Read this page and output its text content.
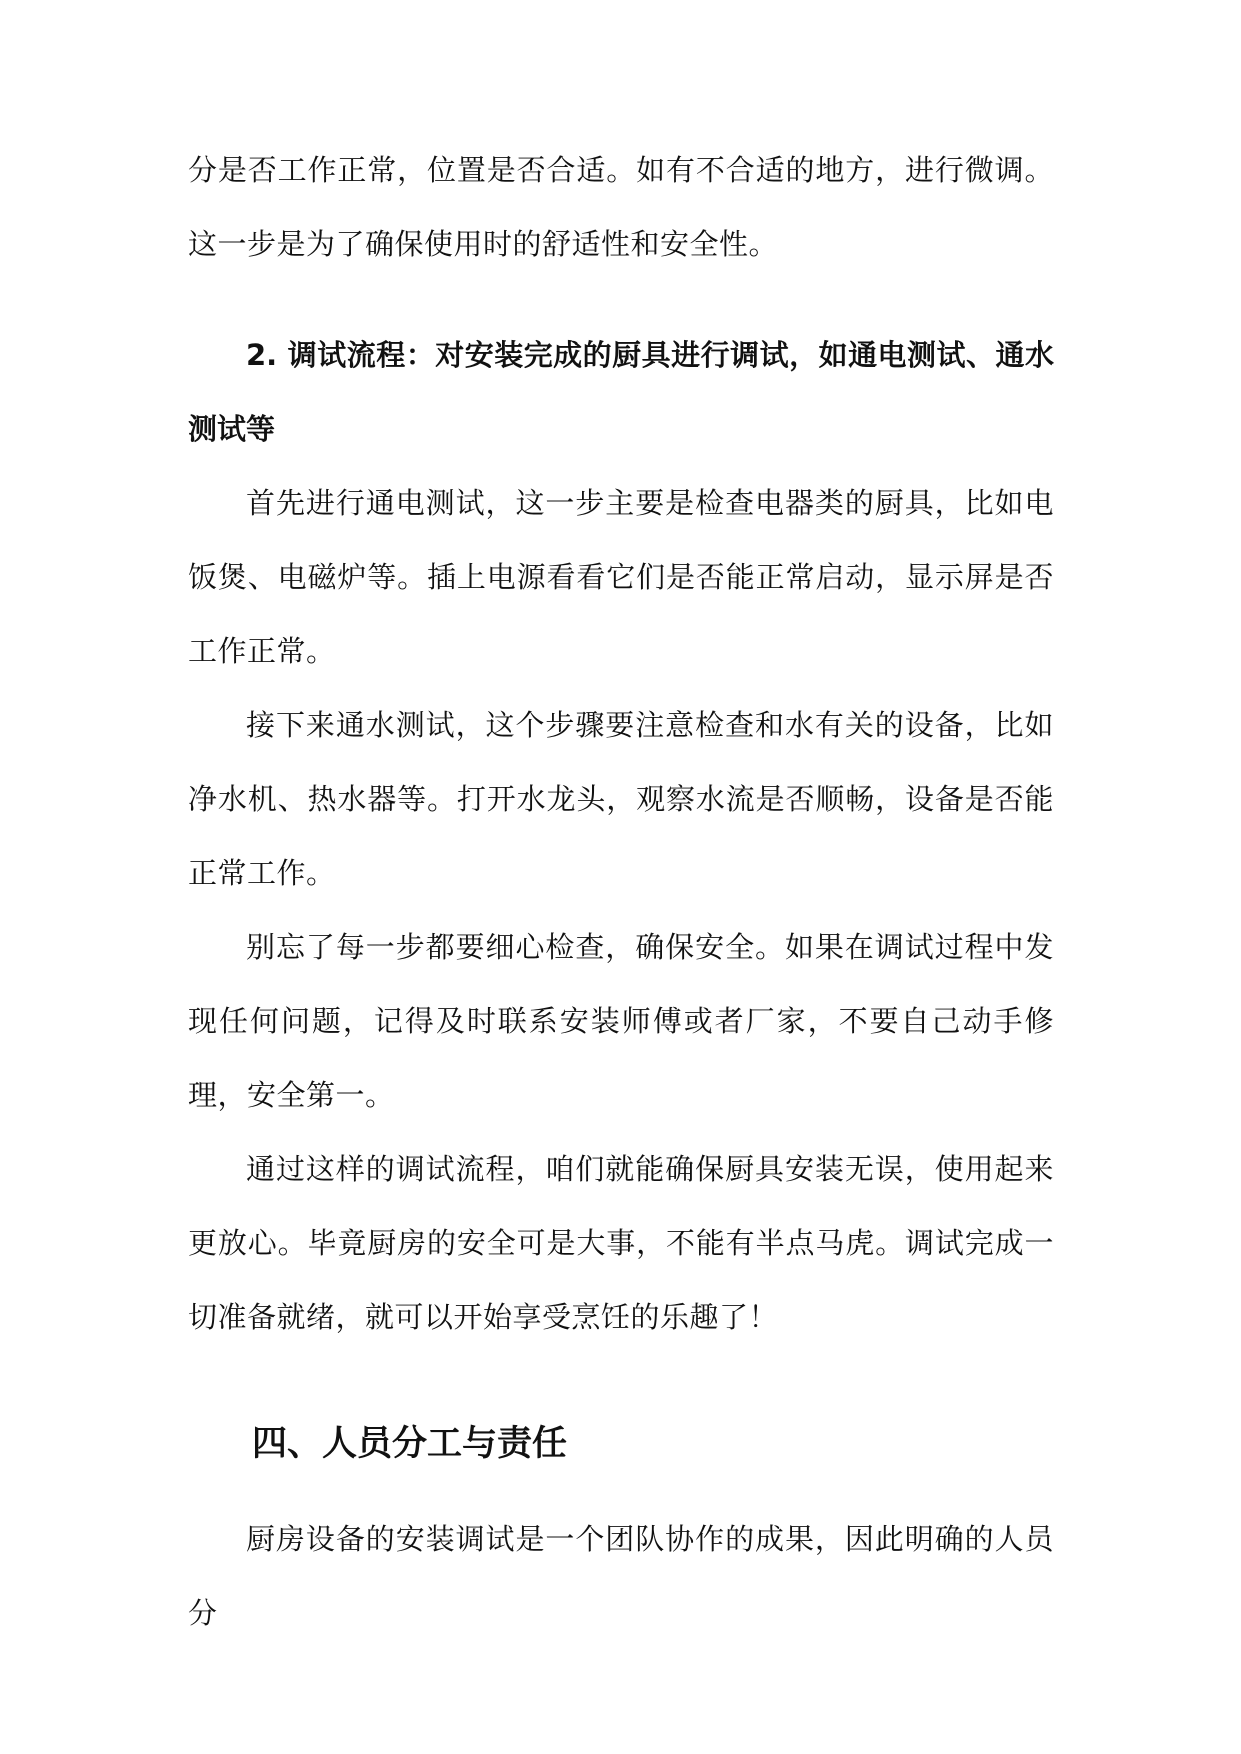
分是否工作正常，位置是否合适。如有不合适的地方，进行微调。这一步是为了确保使用时的舒适性和安全性。

2. 调试流程：对安装完成的厨具进行调试，如通电测试、通水测试等

首先进行通电测试，这一步主要是检查电器类的厨具，比如电饭煲、电磁炉等。插上电源看看它们是否能正常启动，显示屏是否工作正常。

接下来通水测试，这个步骤要注意检查和水有关的设备，比如净水机、热水器等。打开水龙头，观察水流是否顺畅，设备是否能正常工作。

别忘了每一步都要细心检查，确保安全。如果在调试过程中发现任何问题，记得及时联系安装师傅或者厂家，不要自己动手修理，安全第一。

通过这样的调试流程，咱们就能确保厨具安装无误，使用起来更放心。毕竟厨房的安全可是大事，不能有半点马虎。调试完成一切准备就绪，就可以开始享受烹饪的乐趣了！

四、人员分工与责任

厨房设备的安装调试是一个团队协作的成果，因此明确的人员分
